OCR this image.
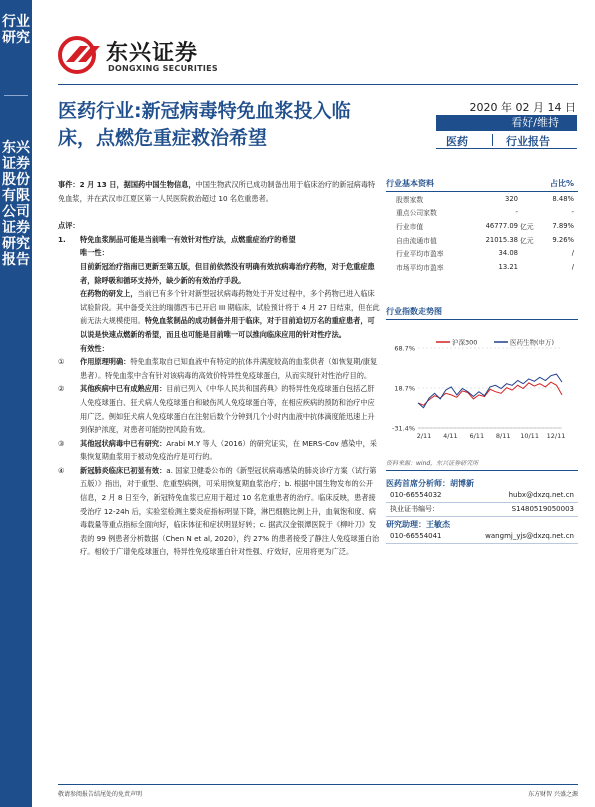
行业研究
东兴证券股份有限公司证券研究报告
东兴证券
DONGXING SECURITIES
医药行业:新冠病毒特免血浆投入临床，点燃危重症救治希望
2020 年 02 月 14 日
看好/维持
医药	行业报告

事件：2 月 13 日，据国药中国生物信息，中国生物武汉所已成功制备出用于临床治疗的新冠病毒特免血浆，并在武汉市江夏区第一人民医院救治超过 10 名危重患者。

点评：

1. 特免血浆制品可能是当前唯一有效针对性疗法，点燃重症治疗的希望

唯一性：

目前新冠治疗指南已更新至第五版，但目前依然没有明确有效抗病毒治疗药物，对于危重症患者，除呼吸和循环支持外，缺少新的有效治疗手段。

在药物的研发上，当前已有多个针对新型冠状病毒药物处于开发过程中，多个药物已进入临床试验阶段。其中备受关注的瑞德西韦已开启 III 期临床，试验预计将于 4 月 27 日结束，但在此前无法大规模使用。特免血浆制品的成功制备并用于临床，对于目前迫切万名的重症患者，可以说是快速点燃新的希望，而且也可能是目前唯一可以推向临床应用的针对性疗法。

有效性：

① 作用原理明确：特免血浆取自已知血液中有特定的抗体并满度较高的血浆供者（如恢复期/康复患者）。特免血浆中含有针对该病毒的高效价特异性免疫球蛋白，从而实现针对性治疗目的。

② 其他疾病中已有成熟应用：目前已列入《中华人民共和国药典》的特异性免疫球蛋白包括乙肝人免疫球蛋白、狂犬病人免疫球蛋白和破伤风人免疫球蛋白等，在相应疾病的预防和治疗中应用广泛。例如狂犬病人免疫球蛋白在注射后数个分钟到几个小时内血液中抗体滴度能迅速上升到保护浓度，对患者可能防控风险有效。

③ 其他冠状病毒中已有研究：Arabi M.Y 等人（2016）的研究证实，在 MERS-Cov 感染中，采集恢复期血浆用于被动免疫治疗是可行的。

④ 新冠肺炎临床已初显有效：a. 国家卫健委公布的《新型冠状病毒感染的肺炎诊疗方案（试行第五版）》指出，对于重型、危重型病例，可采用恢复期血浆治疗；b. 根据中国生物发布的公开信息，2 月 8 日至今，新冠特免血浆已应用于超过 10 名危重患者的治疗。临床反映，患者接受治疗 12-24h 后，实验室检测主要炎症指标明显下降，淋巴细胞比例上升，血氧饱和度、病毒载量等重点指标全面向好，临床体征和症状明显好转；c. 据武汉金银潭医院于《柳叶刀》发表的 99 例患者分析数据（Chen N et al, 2020），约 27% 的患者接受了静注人免疫球蛋白治疗。相较于广谱免疫球蛋白，特异性免疫球蛋白针对性强、疗效好，应用将更为广泛。

行业基本资料	占比%
股票家数	320		8.48%
重点公司家数	-		-
行业市值	46777.09	亿元	7.89%
自由流通市值	21015.38	亿元	9.26%
行业平均市盈率	34.08		/
市场平均市盈率	13.21		/
行业指数走势图
68.7%
18.7%
-31.4%
2/11 4/11 6/11 8/11 10/11 12/11
沪深300	医药生物(申万)
资料来源：wind，东兴证券研究所
医药首席分析师：胡博新
010-66554032	hubx@dxzq.net.cn
执业证书编号：	S1480519050003
研究助理：王敏杰
010-66554041	wangmj_yjs@dxzq.net.cn
敬请参阅报告结尾处的免责声明	东方财智 兴盛之源
